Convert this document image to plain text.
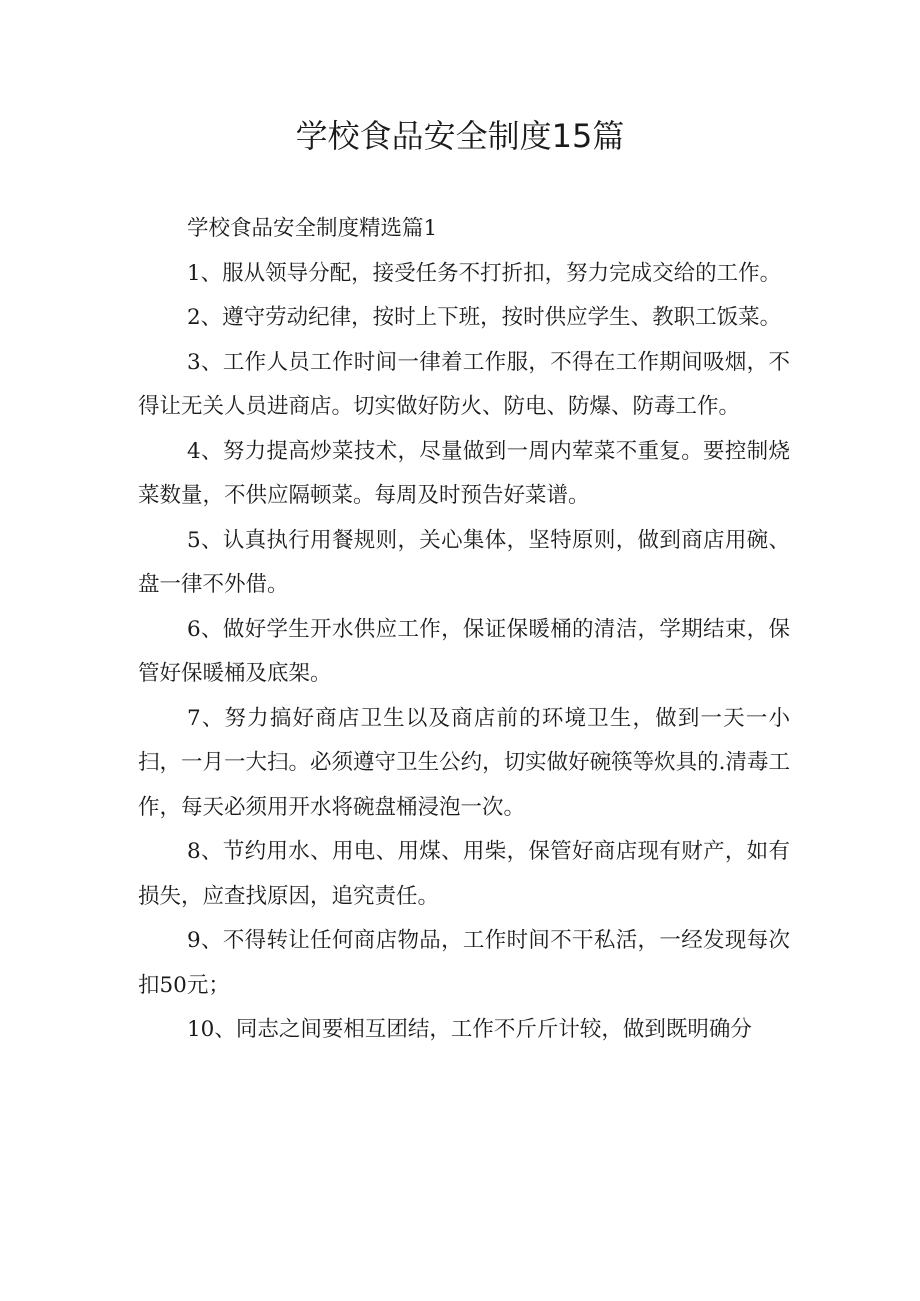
学校食品安全制度15篇

学校食品安全制度精选篇1

1、服从领导分配，接受任务不打折扣，努力完成交给的工作。

2、遵守劳动纪律，按时上下班，按时供应学生、教职工饭菜。

3、工作人员工作时间一律着工作服，不得在工作期间吸烟，不得让无关人员进商店。切实做好防火、防电、防爆、防毒工作。

4、努力提高炒菜技术，尽量做到一周内荤菜不重复。要控制烧菜数量，不供应隔顿菜。每周及时预告好菜谱。

5、认真执行用餐规则，关心集体，坚特原则，做到商店用碗、盘一律不外借。

6、做好学生开水供应工作，保证保暖桶的清洁，学期结束，保管好保暖桶及底架。

7、努力搞好商店卫生以及商店前的环境卫生，做到一天一小扫，一月一大扫。必须遵守卫生公约，切实做好碗筷等炊具的.清毒工作，每天必须用开水将碗盘桶浸泡一次。

8、节约用水、用电、用煤、用柴，保管好商店现有财产，如有损失，应查找原因，追究责任。

9、不得转让任何商店物品，工作时间不干私活，一经发现每次扣50元；

10、同志之间要相互团结，工作不斤斤计较，做到既明确分
